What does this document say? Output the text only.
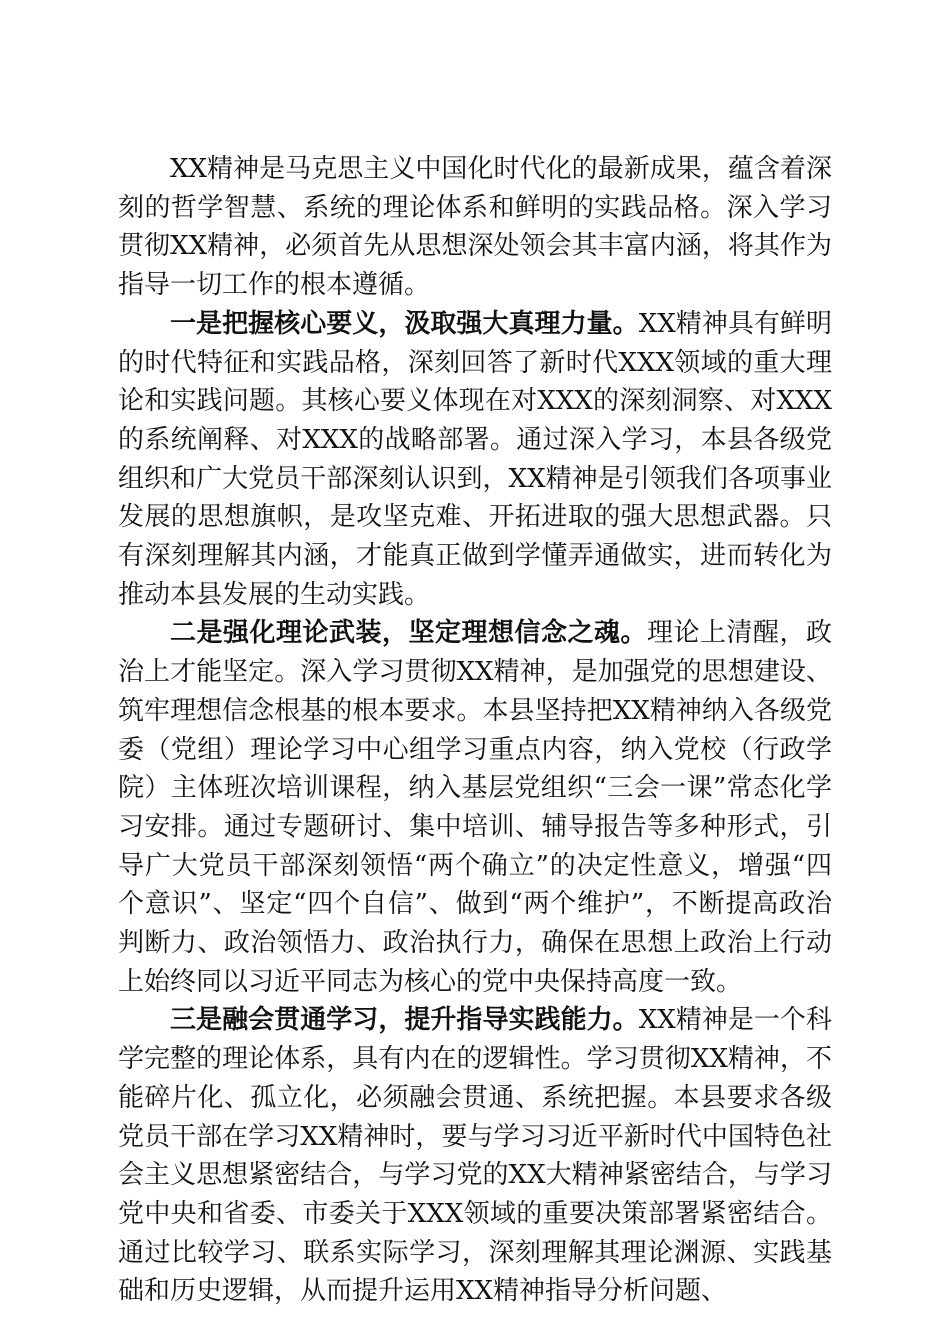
XX精神是马克思主义中国化时代化的最新成果，蕴含着深刻的哲学智慧、系统的理论体系和鲜明的实践品格。深入学习贯彻XX精神，必须首先从思想深处领会其丰富内涵，将其作为指导一切工作的根本遵循。

一是把握核心要义，汲取强大真理力量。XX精神具有鲜明的时代特征和实践品格，深刻回答了新时代XXX领域的重大理论和实践问题。其核心要义体现在对XXX的深刻洞察、对XXX的系统阐释、对XXX的战略部署。通过深入学习，本县各级党组织和广大党员干部深刻认识到，XX精神是引领我们各项事业发展的思想旗帜，是攻坚克难、开拓进取的强大思想武器。只有深刻理解其内涵，才能真正做到学懂弄通做实，进而转化为推动本县发展的生动实践。

二是强化理论武装，坚定理想信念之魂。理论上清醒，政治上才能坚定。深入学习贯彻XX精神，是加强党的思想建设、筑牢理想信念根基的根本要求。本县坚持把XX精神纳入各级党委（党组）理论学习中心组学习重点内容，纳入党校（行政学院）主体班次培训课程，纳入基层党组织“三会一课”常态化学习安排。通过专题研讨、集中培训、辅导报告等多种形式，引导广大党员干部深刻领悟“两个确立”的决定性意义，增强“四个意识”、坚定“四个自信”、做到“两个维护”，不断提高政治判断力、政治领悟力、政治执行力，确保在思想上政治上行动上始终同以习近平同志为核心的党中央保持高度一致。

三是融会贯通学习，提升指导实践能力。XX精神是一个科学完整的理论体系，具有内在的逻辑性。学习贯彻XX精神，不能碎片化、孤立化，必须融会贯通、系统把握。本县要求各级党员干部在学习XX精神时，要与学习习近平新时代中国特色社会主义思想紧密结合，与学习党的XX大精神紧密结合，与学习党中央和省委、市委关于XXX领域的重要决策部署紧密结合。通过比较学习、联系实际学习，深刻理解其理论渊源、实践基础和历史逻辑，从而提升运用XX精神指导分析问题、
